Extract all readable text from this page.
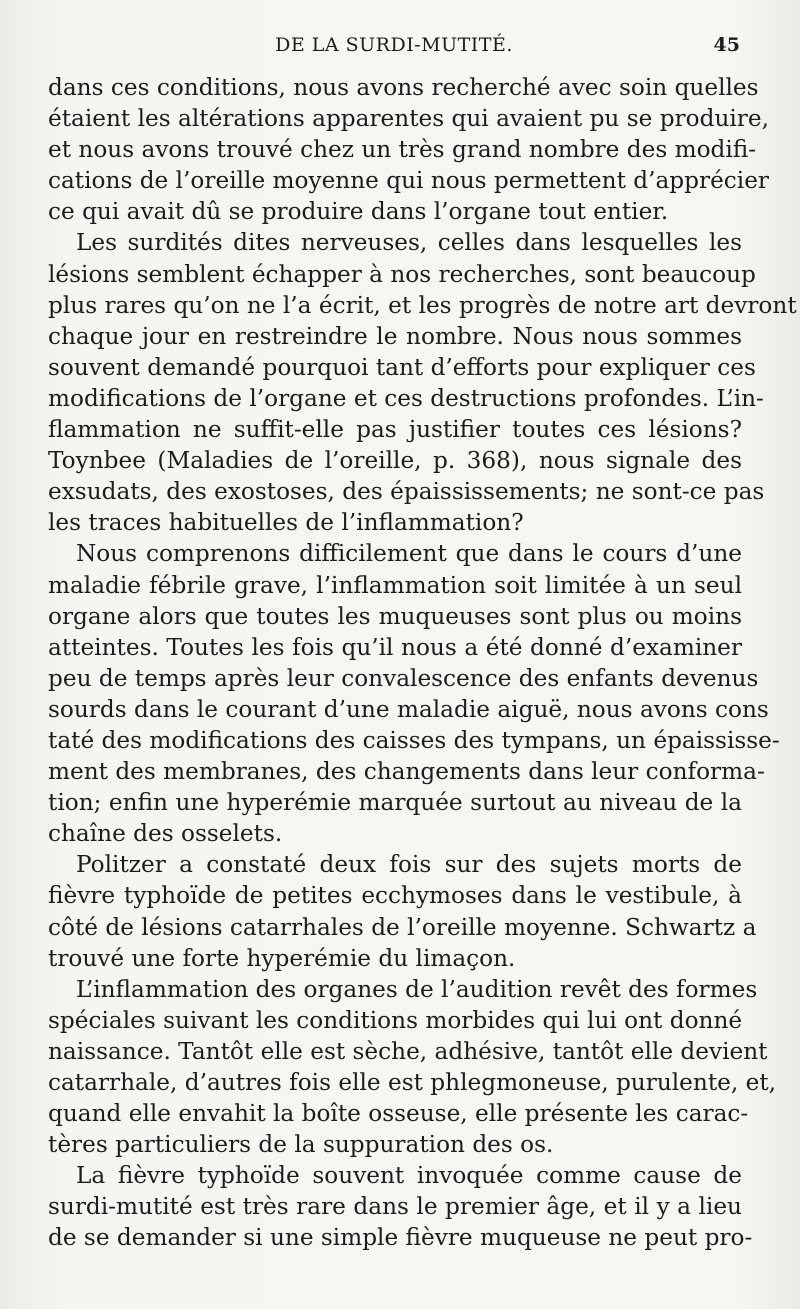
DE LA SURDI-MUTITÉ.	45
dans ces conditions, nous avons recherché avec soin quelles
étaient les altérations apparentes qui avaient pu se produire,
et nous avons trouvé chez un très grand nombre des modifi-
cations de l’oreille moyenne qui nous permettent d’apprécier
ce qui avait dû se produire dans l’organe tout entier.
Les surdités dites nerveuses, celles dans lesquelles les
lésions semblent échapper à nos recherches, sont beaucoup
plus rares qu’on ne l’a écrit, et les progrès de notre art devront
chaque jour en restreindre le nombre. Nous nous sommes
souvent demandé pourquoi tant d’efforts pour expliquer ces
modifications de l’organe et ces destructions profondes. L’in-
flammation ne suffit-elle pas justifier toutes ces lésions?
Toynbee (Maladies de l’oreille, p. 368), nous signale des
exsudats, des exostoses, des épaississements; ne sont-ce pas
les traces habituelles de l’inflammation?
Nous comprenons difficilement que dans le cours d’une
maladie fébrile grave, l’inflammation soit limitée à un seul
organe alors que toutes les muqueuses sont plus ou moins
atteintes. Toutes les fois qu’il nous a été donné d’examiner
peu de temps après leur convalescence des enfants devenus
sourds dans le courant d’une maladie aiguë, nous avons cons
taté des modifications des caisses des tympans, un épaississe-
ment des membranes, des changements dans leur conforma-
tion; enfin une hyperémie marquée surtout au niveau de la
chaîne des osselets.
Politzer a constaté deux fois sur des sujets morts de
fièvre typhoïde de petites ecchymoses dans le vestibule, à
côté de lésions catarrhales de l’oreille moyenne. Schwartz a
trouvé une forte hyperémie du limaçon.
L’inflammation des organes de l’audition revêt des formes
spéciales suivant les conditions morbides qui lui ont donné
naissance. Tantôt elle est sèche, adhésive, tantôt elle devient
catarrhale, d’autres fois elle est phlegmoneuse, purulente, et,
quand elle envahit la boîte osseuse, elle présente les carac-
tères particuliers de la suppuration des os.
La fièvre typhoïde souvent invoquée comme cause de
surdi-mutité est très rare dans le premier âge, et il y a lieu
de se demander si une simple fièvre muqueuse ne peut pro-
